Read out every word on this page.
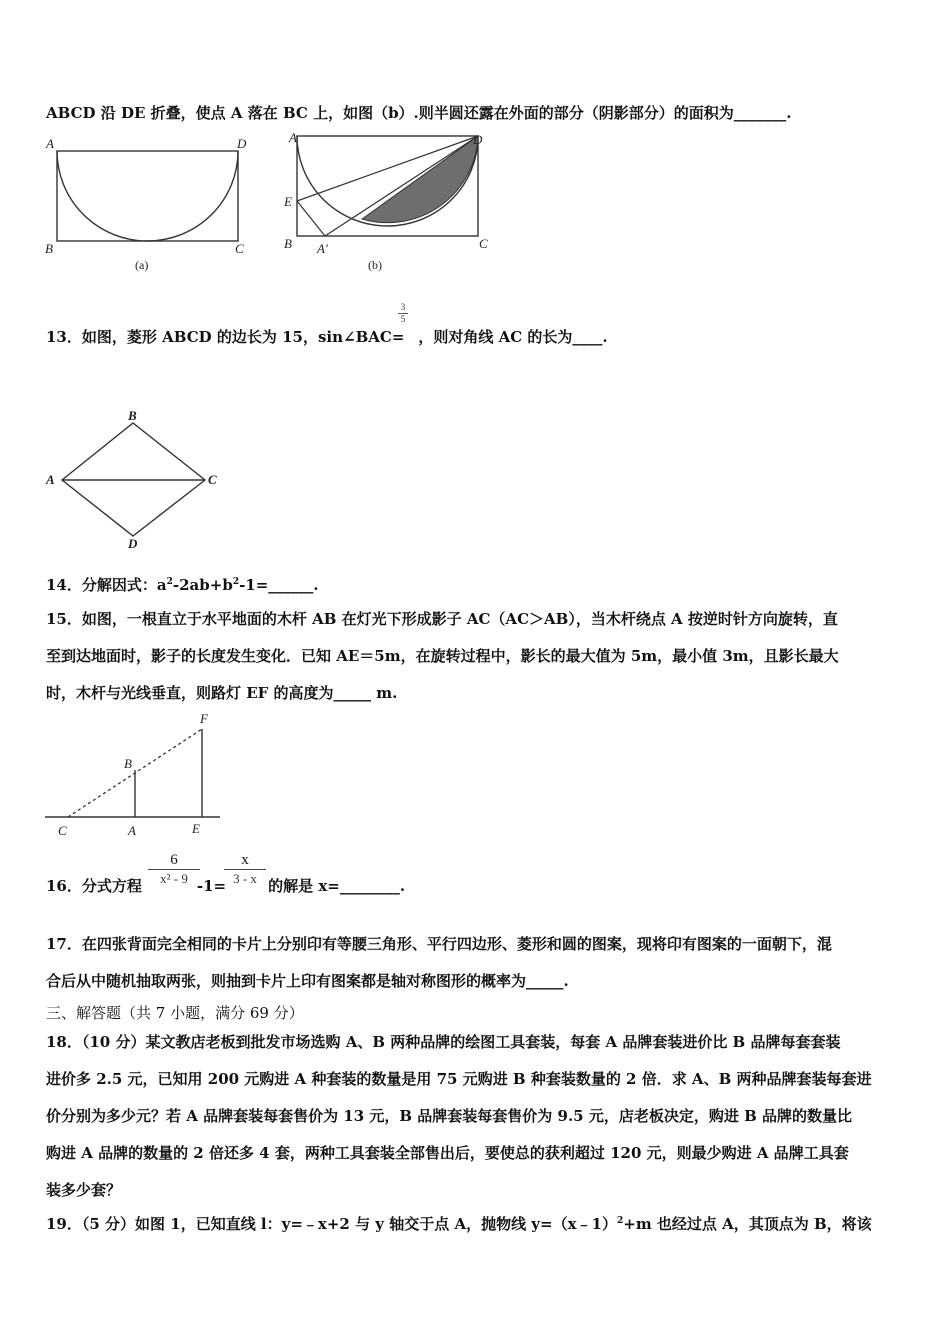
ABCD 沿 DE 折叠，使点 A 落在 BC 上，如图（b）.则半圆还露在外面的部分（阴影部分）的面积为_______.
A	D
B	C
(a)
A	D
E
B A′	C
(b)
13．如图，菱形 ABCD 的边长为 15，sin∠BAC= ，则对角线 AC 的长为____.
$\frac{3}{5}$
A
B
C
D
14．分解因式：$a^2-2ab+b^2-1=\_\_\_\_\_\_$.
15．如图，一根直立于水平地面的木杆 AB 在灯光下形成影子 AC（AC＞AB），当木杆绕点 A 按逆时针方向旋转，直
至到达地面时，影子的长度发生变化．已知 AE＝5m，在旋转过程中，影长的最大值为 5m，最小值 3m，且影长最大
时，木杆与光线垂直，则路灯 EF 的高度为_____ m.
F
B
C	A	E
16．分式方程	-1=	的解是 x=________.
6
x² - 9
x
3 - x
17．在四张背面完全相同的卡片上分别印有等腰三角形、平行四边形、菱形和圆的图案，现将印有图案的一面朝下，混
合后从中随机抽取两张，则抽到卡片上印有图案都是轴对称图形的概率为_____.
三、解答题（共 7 小题，满分 69 分）
18．（10 分）某文教店老板到批发市场选购 A、B 两种品牌的绘图工具套装，每套 A 品牌套装进价比 B 品牌每套套装
进价多 2.5 元，已知用 200 元购进 A 种套装的数量是用 75 元购进 B 种套装数量的 2 倍．求 A、B 两种品牌套装每套进
价分别为多少元？若 A 品牌套装每套售价为 13 元，B 品牌套装每套售价为 9.5 元，店老板决定，购进 B 品牌的数量比
购进 A 品牌的数量的 2 倍还多 4 套，两种工具套装全部售出后，要使总的获利超过 120 元，则最少购进 A 品牌工具套
装多少套？
19．（5 分）如图 1，已知直线 l：y=﹣x+2 与 y 轴交于点 A，抛物线 y=（x﹣1）$^2$+m 也经过点 A，其顶点为 B，将该
